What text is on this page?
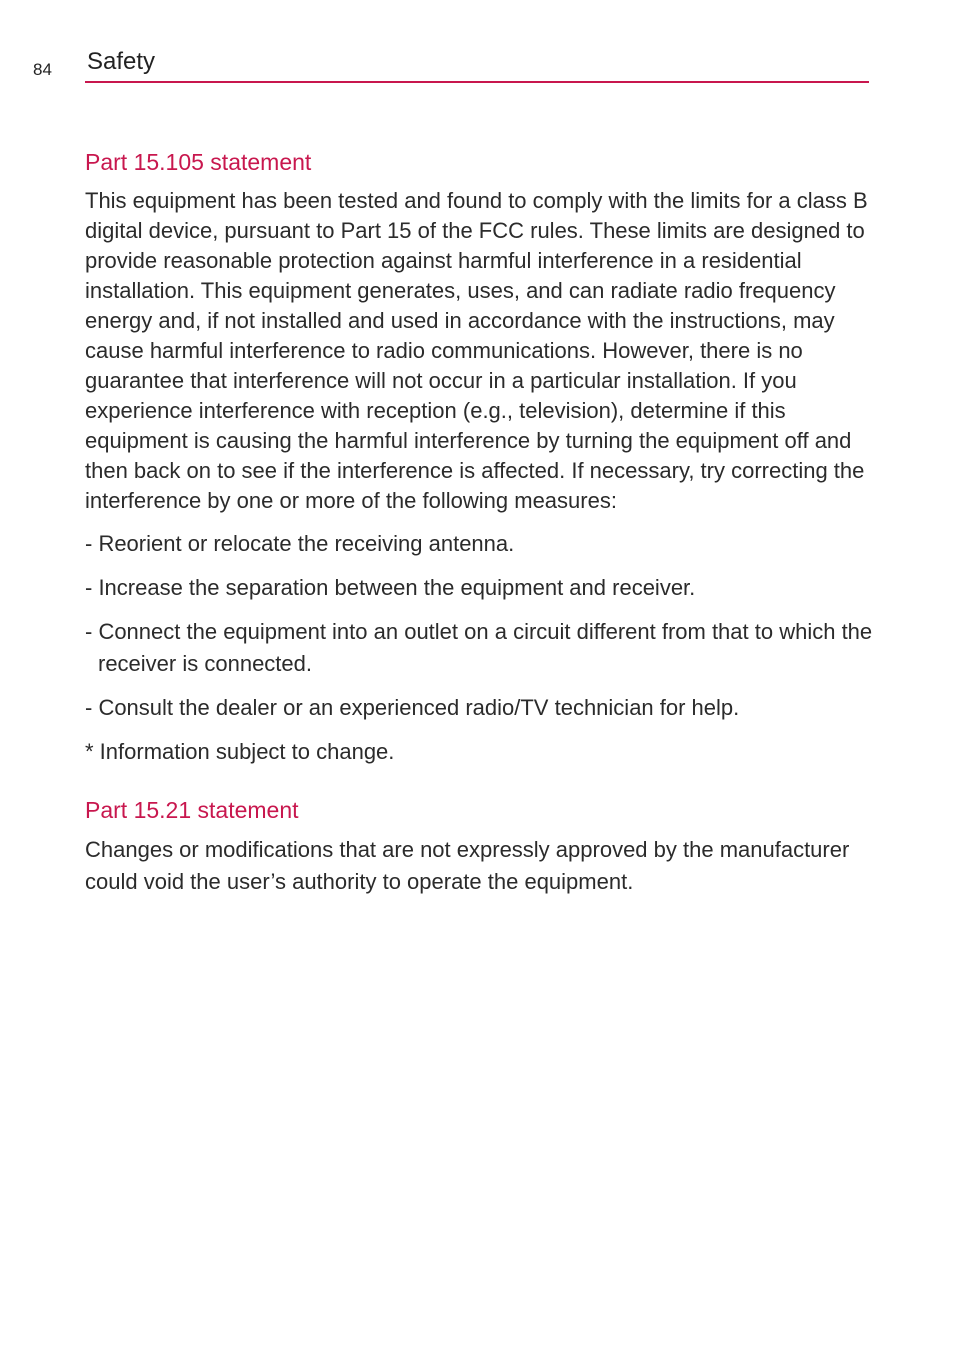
84 Safety
Part 15.105 statement

This equipment has been tested and found to comply with the limits for a class B digital device, pursuant to Part 15 of the FCC rules. These limits are designed to provide reasonable protection against harmful interference in a residential installation. This equipment generates, uses, and can radiate radio frequency energy and, if not installed and used in accordance with the instructions, may cause harmful interference to radio communications. However, there is no guarantee that interference will not occur in a particular installation. If you experience interference with reception (e.g., television), determine if this equipment is causing the harmful interference by turning the equipment off and then back on to see if the interference is affected. If necessary, try correcting the interference by one or more of the following measures:

- Reorient or relocate the receiving antenna.

- Increase the separation between the equipment and receiver.

- Connect the equipment into an outlet on a circuit different from that to which the receiver is connected.

- Consult the dealer or an experienced radio/TV technician for help.

* Information subject to change.

Part 15.21 statement

Changes or modifications that are not expressly approved by the manufacturer could void the user’s authority to operate the equipment.
